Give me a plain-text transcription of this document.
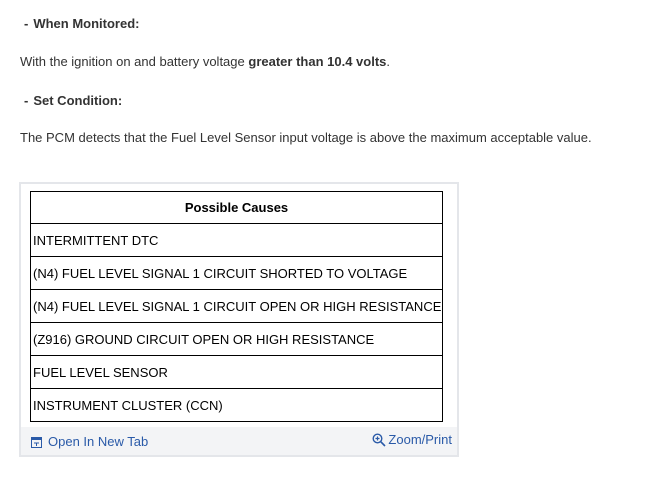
- When Monitored:
With the ignition on and battery voltage greater than 10.4 volts.
- Set Condition:
The PCM detects that the Fuel Level Sensor input voltage is above the maximum acceptable value.
Possible Causes
INTERMITTENT DTC
(N4) FUEL LEVEL SIGNAL 1 CIRCUIT SHORTED TO VOLTAGE
(N4) FUEL LEVEL SIGNAL 1 CIRCUIT OPEN OR HIGH RESISTANCE
(Z916) GROUND CIRCUIT OPEN OR HIGH RESISTANCE
FUEL LEVEL SENSOR
INSTRUMENT CLUSTER (CCN)
Open In New Tab	Zoom/Print
